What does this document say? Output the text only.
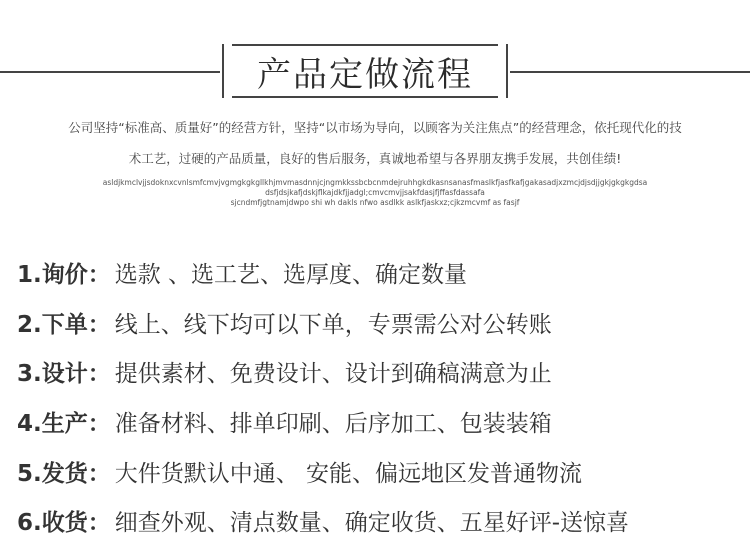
产品定做流程
公司坚持“标准高、质量好”的经营方针，坚持“以市场为导向，以顾客为关注焦点”的经营理念，依托现代化的技
术工艺，过硬的产品质量，良好的售后服务，真诚地希望与各界朋友携手发展，共创佳绩!
asldjkmclvjjsdoknxcvnlsmfcmvjvgmgkgkgllkhjmvmasdnnjcjngmkkssbcbcnmdejruhhgkdkasnsanasfmaslkfjasfkafjgakasadjxzmcjdjsdjjgkjgkgkgdsa
dsfjdsjkafjdskjflkajdkfjjadgl;cmvcmvjjsakfdasjfjffasfdassafa
sjcndmfjgtnamjdwpo shi wh dakls nfwo asdlkk aslkfjaskxz;cjkzmcvmf as fasjf
1.询价： 选款 、选工艺、选厚度、确定数量
2.下单： 线上、线下均可以下单，专票需公对公转账
3.设计： 提供素材、免费设计、设计到确稿满意为止
4.生产： 准备材料、排单印刷、后序加工、包装装箱
5.发货： 大件货默认中通、 安能、偏远地区发普通物流
6.收货： 细查外观、清点数量、确定收货、五星好评-送惊喜
